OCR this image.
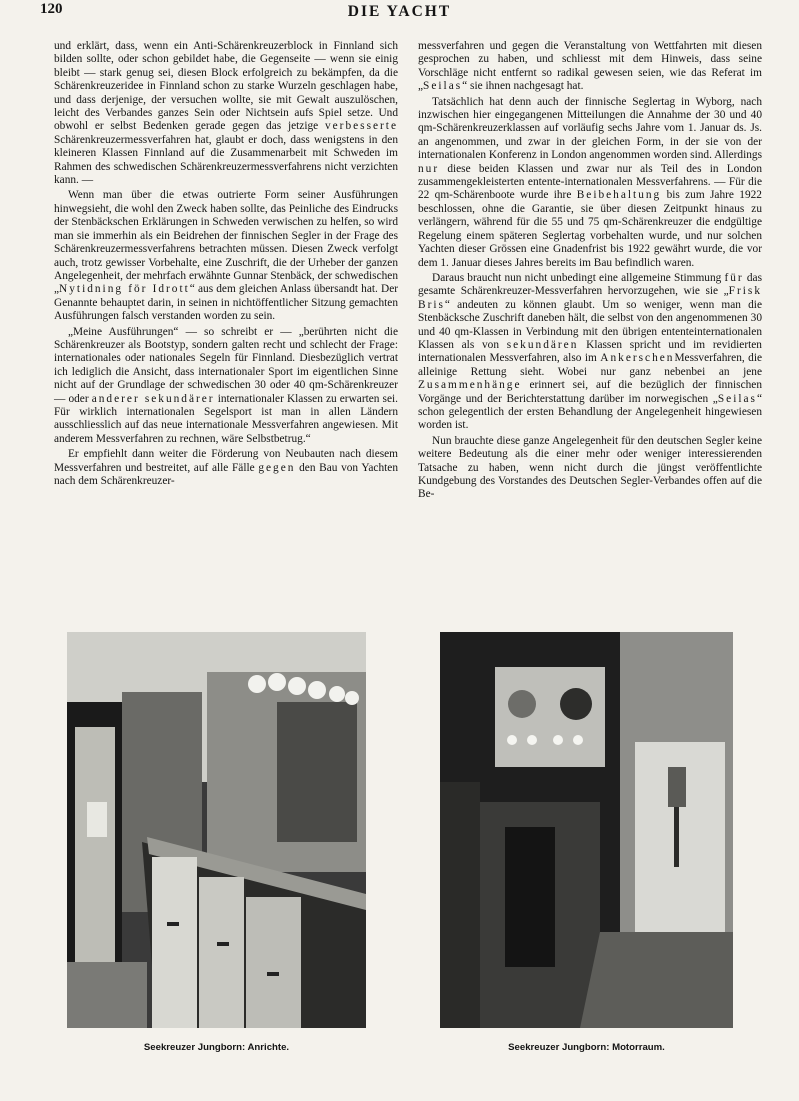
120	DIE YACHT

und erklärt, dass, wenn ein Anti-Schärenkreuzerblock in Finnland sich bilden sollte, oder schon gebildet habe, die Gegenseite — wenn sie einig bleibt — stark genug sei, diesen Block erfolgreich zu bekämpfen, da die Schärenkreuzeridee in Finnland schon zu starke Wurzeln geschlagen habe, und dass derjenige, der versuchen wollte, sie mit Gewalt auszulöschen, leicht des Verbandes ganzes Sein oder Nichtsein aufs Spiel setze. Und obwohl er selbst Bedenken gerade gegen das jetzige verbesserte Schärenkreuzermessverfahren hat, glaubt er doch, dass wenigstens in den kleineren Klassen Finnland auf die Zusammenarbeit mit Schweden im Rahmen des schwedischen Schärenkreuzermessverfahrens nicht verzichten kann. —

Wenn man über die etwas outrierte Form seiner Ausführungen hinwegsieht, die wohl den Zweck haben sollte, das Peinliche des Eindrucks der Stenbäckschen Erklärungen in Schweden verwischen zu helfen, so wird man sie immerhin als ein Beidrehen der finnischen Segler in der Frage des Schärenkreuzermessverfahrens betrachten müssen. Diesen Zweck verfolgt auch, trotz gewisser Vorbehalte, eine Zuschrift, die der Urheber der ganzen Angelegenheit, der mehrfach erwähnte Gunnar Stenbäck, der schwedischen „Nytidning för Idrott“ aus dem gleichen Anlass übersandt hat. Der Genannte behauptet darin, in seinen in nichtöffentlicher Sitzung gemachten Ausführungen falsch verstanden worden zu sein.

„Meine Ausführungen“ — so schreibt er — „berührten nicht die Schärenkreuzer als Bootstyp, sondern galten recht und schlecht der Frage: internationales oder nationales Segeln für Finnland. Diesbezüglich vertrat ich lediglich die Ansicht, dass internationaler Sport im eigentlichen Sinne nicht auf der Grundlage der schwedischen 30 oder 40 qm-Schärenkreuzer — oder anderer sekundärer internationaler Klassen zu erwarten sei. Für wirklich internationalen Segelsport ist man in allen Ländern ausschliesslich auf das neue internationale Messverfahren angewiesen. Mit anderem Messverfahren zu rechnen, wäre Selbstbetrug.“

Er empfiehlt dann weiter die Förderung von Neubauten nach diesem Messverfahren und bestreitet, auf alle Fälle gegen den Bau von Yachten nach dem Schärenkreuzer-

messverfahren und gegen die Veranstaltung von Wettfahrten mit diesen gesprochen zu haben, und schliesst mit dem Hinweis, dass seine Vorschläge nicht entfernt so radikal gewesen seien, wie das Referat im „Seilas“ sie ihnen nachgesagt hat.

Tatsächlich hat denn auch der finnische Seglertag in Wyborg, nach inzwischen hier eingegangenen Mitteilungen die Annahme der 30 und 40 qm-Schärenkreuzerklassen auf vorläufig sechs Jahre vom 1. Januar ds. Js. an angenommen, und zwar in der gleichen Form, in der sie von der internationalen Konferenz in London angenommen worden sind. Allerdings nur diese beiden Klassen und zwar nur als Teil des in London zusammengekleisterten entente-internationalen Messverfahrens. — Für die 22 qm-Schärenboote wurde ihre Beibehaltung bis zum Jahre 1922 beschlossen, ohne die Garantie, sie über diesen Zeitpunkt hinaus zu verlängern, während für die 55 und 75 qm-Schärenkreuzer die endgültige Regelung einem späteren Seglertag vorbehalten wurde, und nur solchen Yachten dieser Grössen eine Gnadenfrist bis 1922 gewährt wurde, die vor dem 1. Januar dieses Jahres bereits im Bau befindlich waren.

Daraus braucht nun nicht unbedingt eine allgemeine Stimmung für das gesamte Schärenkreuzer-Messverfahren hervorzugehen, wie sie „Frisk Bris“ andeuten zu können glaubt. Um so weniger, wenn man die Stenbäcksche Zuschrift daneben hält, die selbst von den angenommenen 30 und 40 qm-Klassen in Verbindung mit den übrigen ententeinternationalen Klassen als von sekundären Klassen spricht und im revidierten internationalen Messverfahren, also im AnkerschenMessverfahren, die alleinige Rettung sieht. Wobei nur ganz nebenbei an jene Zusammenhänge erinnert sei, auf die bezüglich der finnischen Vorgänge und der Berichterstattung darüber im norwegischen „Seilas“ schon gelegentlich der ersten Behandlung der Angelegenheit hingewiesen worden ist.

Nun brauchte diese ganze Angelegenheit für den deutschen Segler keine weitere Bedeutung als die einer mehr oder weniger interessierenden Tatsache zu haben, wenn nicht durch die jüngst veröffentlichte Kundgebung des Vorstandes des Deutschen Segler-Verbandes offen auf die Be-

Seekreuzer Jungborn: Anrichte.	Seekreuzer Jungborn: Motorraum.
